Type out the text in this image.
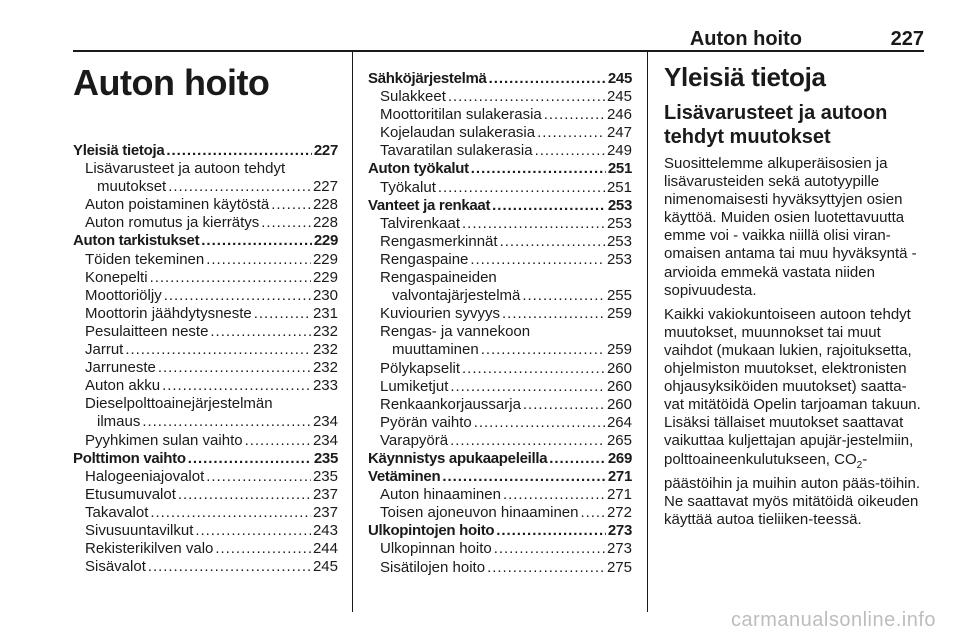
Auton hoito	227
Auton hoito
Yleisiä tietoja . . .	227
Lisävarusteet ja autoon tehdyt
muutokset . . .	227
Auton poistaminen käytöstä . . .	228
Auton romutus ja kierrätys . . .	228
Auton tarkistukset . . .	229
Töiden tekeminen . . .	229
Konepelti . . .	229
Moottoriöljy . . .	230
Moottorin jäähdytysneste . . .	231
Pesulaitteen neste . . .	232
Jarrut . . .	232
Jarruneste . . .	232
Auton akku . . .	233
Dieselpolttoainejärjestelmän
ilmaus . . .	234
Pyyhkimen sulan vaihto . . .	234
Polttimon vaihto . . .	235
Halogeeniajovalot . . .	235
Etusumuvalot . . .	237
Takavalot . . .	237
Sivusuuntavilkut . . .	243
Rekisterikilven valo . . .	244
Sisävalot . . .	245
Sähköjärjestelmä . . .	245
Sulakkeet . . .	245
Moottoritilan sulakerasia . . .	246
Kojelaudan sulakerasia . . .	247
Tavaratilan sulakerasia . . .	249
Auton työkalut . . .	251
Työkalut . . .	251
Vanteet ja renkaat . . .	253
Talvirenkaat . . .	253
Rengasmerkinnät . . .	253
Rengaspaine . . .	253
Rengaspaineiden
valvontajärjestelmä . . .	255
Kuviourien syvyys . . .	259
Rengas- ja vannekoon
muuttaminen . . .	259
Pölykapselit . . .	260
Lumiketjut . . .	260
Renkaankorjaussarja . . .	260
Pyörän vaihto . . .	264
Varapyörä . . .	265
Käynnistys apukaapeleilla . . .	269
Vetäminen . . .	271
Auton hinaaminen . . .	271
Toisen ajoneuvon hinaaminen . . . 272
Ulkopintojen hoito . . .	273
Ulkopinnan hoito . . .	273
Sisätilojen hoito . . .	275
Yleisiä tietoja
Lisävarusteet ja autoon tehdyt muutokset

Suosittelemme alkuperäisosien ja lisävarusteiden sekä autotyypille nimenomaisesti hyväksyttyjen osien käyttöä. Muiden osien luotettavuutta emme voi - vaikka niillä olisi viran-omaisen antama tai muu hyväksyntä - arvioida emmekä vastata niiden sopivuudesta.

Kaikki vakiokuntoiseen autoon tehdyt muutokset, muunnokset tai muut vaihdot (mukaan lukien, rajoituksetta, ohjelmiston muutokset, elektronisten ohjausyksiköiden muutokset) saatta-vat mitätöidä Opelin tarjoaman takuun. Lisäksi tällaiset muutokset saattavat vaikuttaa kuljettajan apujär-jestelmiin, polttoaineenkulutukseen, $CO_2$-päästöihin ja muihin auton pääs-töihin. Ne saattavat myös mitätöidä oikeuden käyttää autoa tieliiken-teessä.

carmanualsonline.info
